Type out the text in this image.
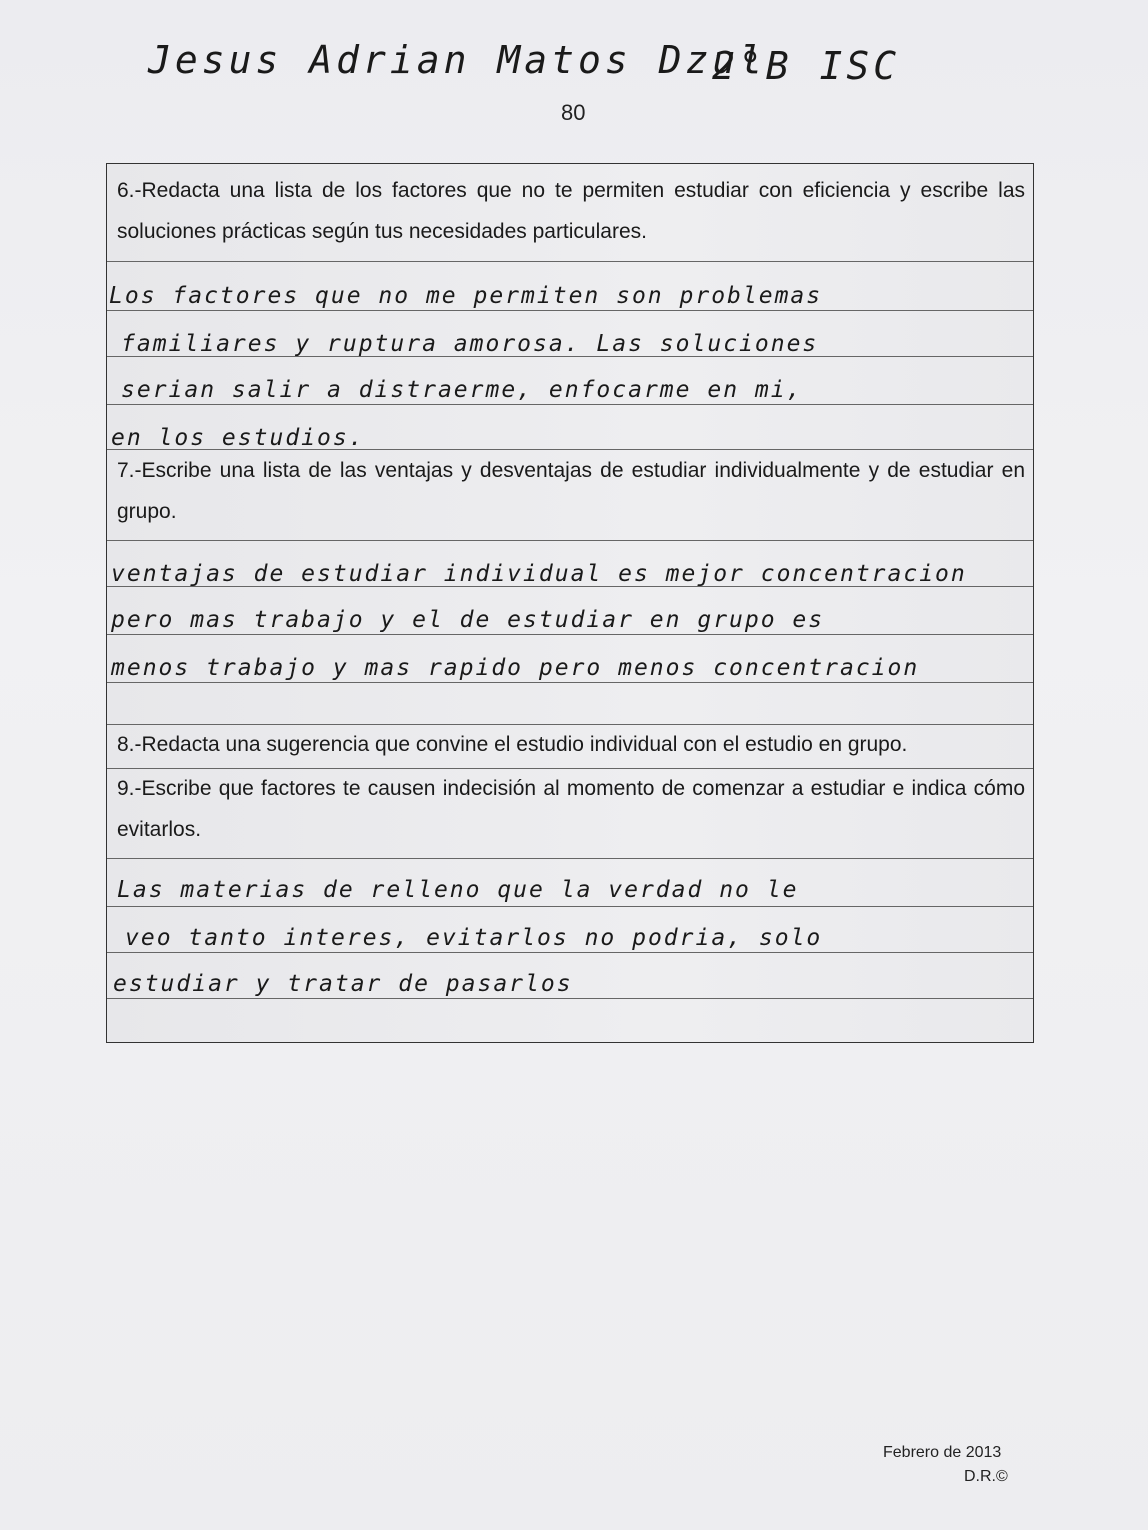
Jesus Adrian Matos Dzul
2°B ISC
80
6.-Redacta una lista de los factores que no te permiten estudiar con eficiencia y escribe las soluciones prácticas según tus necesidades particulares.
Los factores que no me permiten son problemas
familiares y ruptura amorosa. Las soluciones
serian salir a distraerme, enfocarme en mi,
en los estudios.
7.-Escribe una lista de las ventajas y desventajas de estudiar individualmente y de estudiar en grupo.
ventajas de estudiar individual es mejor concentracion
pero mas trabajo y el de estudiar en grupo es
menos trabajo y mas rapido pero menos concentracion
8.-Redacta una sugerencia que convine el estudio individual con el estudio en grupo.
9.-Escribe que factores te causen indecisión al momento de comenzar a estudiar e indica cómo evitarlos.
Las materias de relleno que la verdad no le
veo tanto interes, evitarlos no podria, solo
estudiar y tratar de pasarlos
Febrero de 2013
D.R.©
